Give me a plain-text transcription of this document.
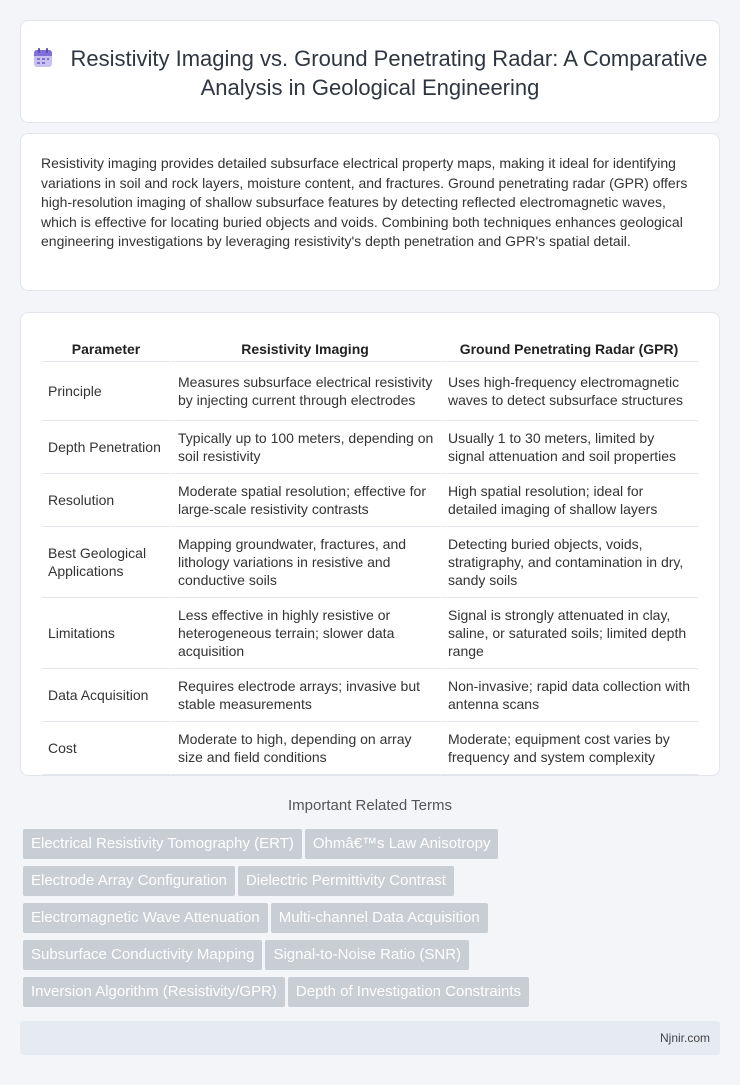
Resistivity Imaging vs. Ground Penetrating Radar: A Comparative Analysis in Geological Engineering

Resistivity imaging provides detailed subsurface electrical property maps, making it ideal for identifying variations in soil and rock layers, moisture content, and fractures. Ground penetrating radar (GPR) offers high-resolution imaging of shallow subsurface features by detecting reflected electromagnetic waves, which is effective for locating buried objects and voids. Combining both techniques enhances geological engineering investigations by leveraging resistivity's depth penetration and GPR's spatial detail.

Parameter	Resistivity Imaging	Ground Penetrating Radar (GPR)
Principle	Measures subsurface electrical resistivity by injecting current through electrodes	Uses high-frequency electromagnetic waves to detect subsurface structures
Depth Penetration	Typically up to 100 meters, depending on soil resistivity	Usually 1 to 30 meters, limited by signal attenuation and soil properties
Resolution	Moderate spatial resolution; effective for large-scale resistivity contrasts	High spatial resolution; ideal for detailed imaging of shallow layers
Best Geological Applications	Mapping groundwater, fractures, and lithology variations in resistive and conductive soils	Detecting buried objects, voids, stratigraphy, and contamination in dry, sandy soils
Limitations	Less effective in highly resistive or heterogeneous terrain; slower data acquisition	Signal is strongly attenuated in clay, saline, or saturated soils; limited depth range
Data Acquisition	Requires electrode arrays; invasive but stable measurements	Non-invasive; rapid data collection with antenna scans
Cost	Moderate to high, depending on array size and field conditions	Moderate; equipment cost varies by frequency and system complexity
Important Related Terms
Electrical Resistivity Tomography (ERT) Ohmâ€™s Law Anisotropy
Electrode Array Configuration Dielectric Permittivity Contrast
Electromagnetic Wave Attenuation Multi-channel Data Acquisition
Subsurface Conductivity Mapping Signal-to-Noise Ratio (SNR)
Inversion Algorithm (Resistivity/GPR) Depth of Investigation Constraints
Njnir.com
